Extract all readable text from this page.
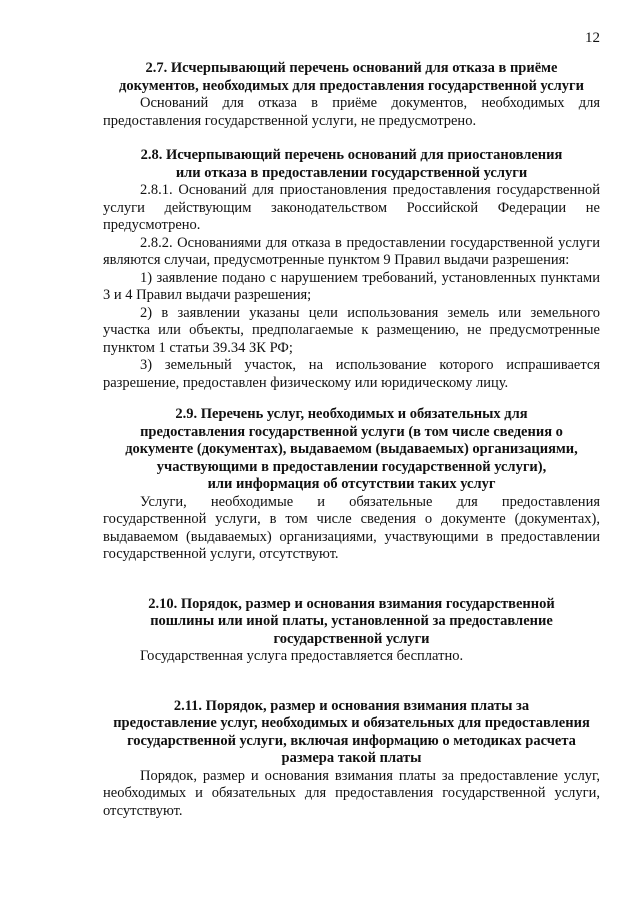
12

2.7. Исчерпывающий перечень оснований для отказа в приёме
документов, необходимых для предоставления государственной услуги

Оснований для отказа в приёме документов, необходимых для предоставления государственной услуги, не предусмотрено.

2.8. Исчерпывающий перечень оснований для приостановления
или отказа в предоставлении государственной услуги

2.8.1. Оснований для приостановления предоставления государственной услуги действующим законодательством Российской Федерации не предусмотрено.

2.8.2. Основаниями для отказа в предоставлении государственной услуги являются случаи, предусмотренные пунктом 9 Правил выдачи разрешения:

1) заявление подано с нарушением требований, установленных пунктами 3 и 4 Правил выдачи разрешения;

2) в заявлении указаны цели использования земель или земельного участка или объекты, предполагаемые к размещению, не предусмотренные пунктом 1 статьи 39.34 ЗК РФ;

3) земельный участок, на использование которого испрашивается разрешение, предоставлен физическому или юридическому лицу.

2.9. Перечень услуг, необходимых и обязательных для
предоставления государственной услуги (в том числе сведения о
документе (документах), выдаваемом (выдаваемых) организациями,
участвующими в предоставлении государственной услуги),
или информация об отсутствии таких услуг

Услуги, необходимые и обязательные для предоставления государственной услуги, в том числе сведения о документе (документах), выдаваемом (выдаваемых) организациями, участвующими в предоставлении государственной услуги, отсутствуют.

2.10. Порядок, размер и основания взимания государственной
пошлины или иной платы, установленной за предоставление
государственной услуги

Государственная услуга предоставляется бесплатно.

2.11. Порядок, размер и основания взимания платы за
предоставление услуг, необходимых и обязательных для предоставления
государственной услуги, включая информацию о методиках расчета
размера такой платы

Порядок, размер и основания взимания платы за предоставление услуг, необходимых и обязательных для предоставления государственной услуги, отсутствуют.
